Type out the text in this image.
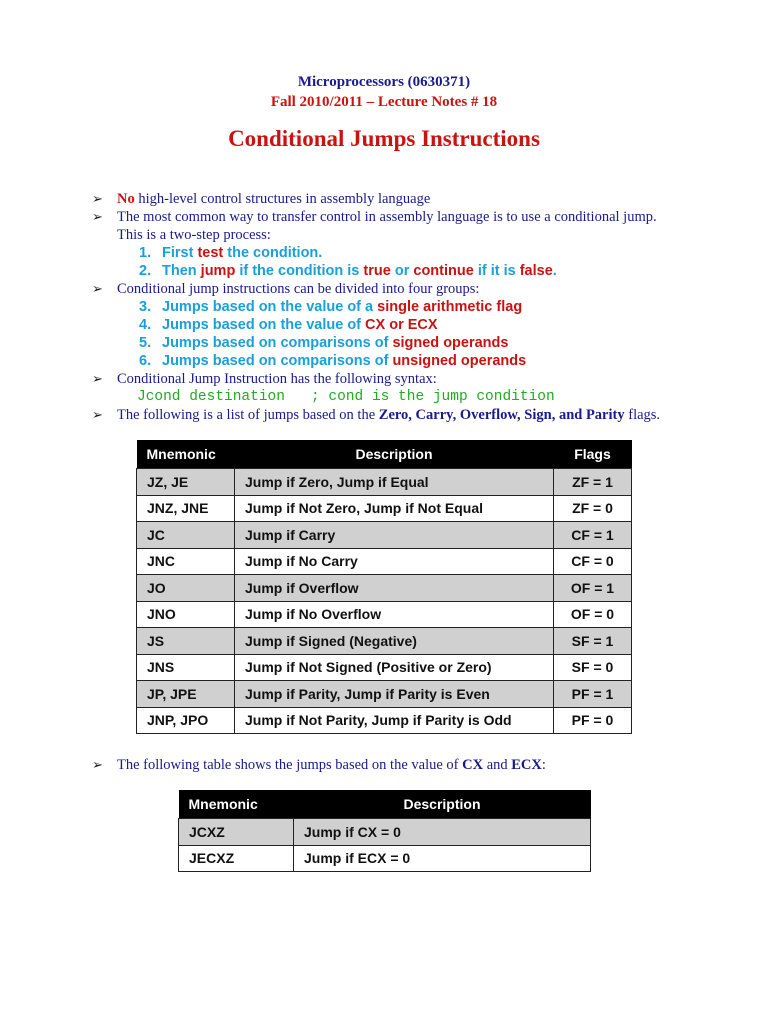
Microprocessors (0630371)
Fall 2010/2011 – Lecture Notes # 18
Conditional Jumps Instructions
➢ No high-level control structures in assembly language
➢ The most common way to transfer control in assembly language is to use a conditional jump.
This is a two-step process:
1. First test the condition.
2. Then jump if the condition is true or continue if it is false.
➢ Conditional jump instructions can be divided into four groups:
3. Jumps based on the value of a single arithmetic flag
4. Jumps based on the value of CX or ECX
5. Jumps based on comparisons of signed operands
6. Jumps based on comparisons of unsigned operands
➢ Conditional Jump Instruction has the following syntax:
Jcond destination   ; cond is the jump condition
➢ The following is a list of jumps based on the Zero, Carry, Overflow, Sign, and Parity flags.
Mnemonic	Description	Flags
JZ, JE	Jump if Zero, Jump if Equal	ZF = 1
JNZ, JNE	Jump if Not Zero, Jump if Not Equal	ZF = 0
JC	Jump if Carry	CF = 1
JNC	Jump if No Carry	CF = 0
JO	Jump if Overflow	OF = 1
JNO	Jump if No Overflow	OF = 0
JS	Jump if Signed (Negative)	SF = 1
JNS	Jump if Not Signed (Positive or Zero)	SF = 0
JP, JPE	Jump if Parity, Jump if Parity is Even	PF = 1
JNP, JPO	Jump if Not Parity, Jump if Parity is Odd	PF = 0
➢ The following table shows the jumps based on the value of CX and ECX:
Mnemonic	Description
JCXZ	Jump if CX = 0
JECXZ	Jump if ECX = 0
